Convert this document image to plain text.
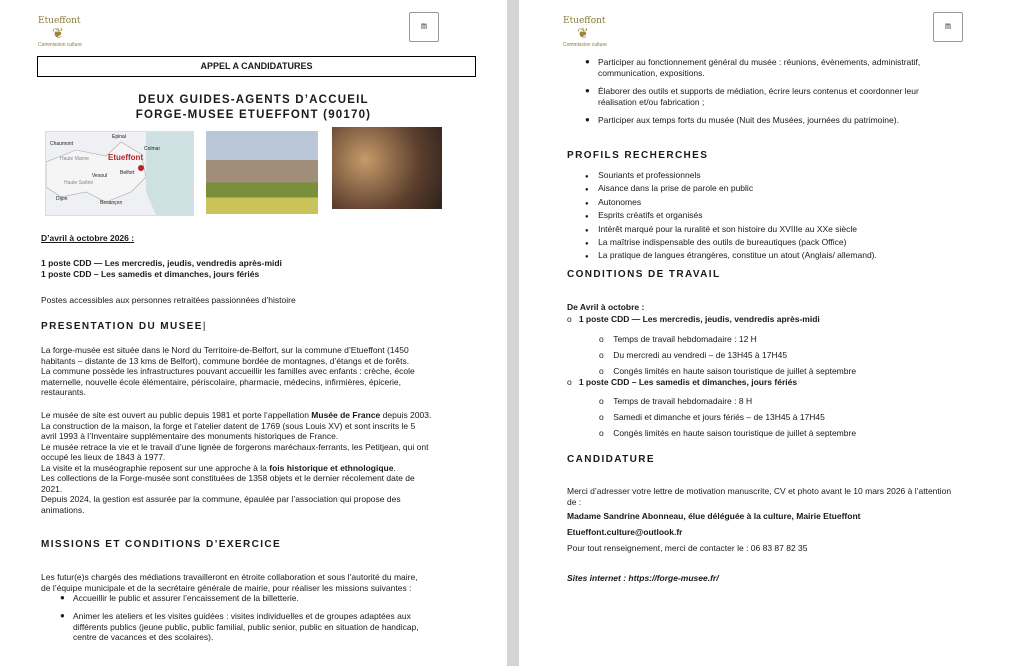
Etueffont
❦
Commission culture
m
APPEL A CANDIDATURES
DEUX GUIDES-AGENTS D’ACCUEIL
FORGE-MUSEE ETUEFFONT (90170)
Epinal
Chaumont
Colmar
Etueffont
Belfort
Vesoul
Dijon
Besançon
Haute Marne
Haute Saône
D’avril à octobre 2026 :
1 poste CDD — Les mercredis, jeudis, vendredis après-midi
1 poste CDD – Les samedis et dimanches, jours fériés
Postes accessibles aux personnes retraitées passionnées d’histoire
PRESENTATION DU MUSEE|
La forge-musée est située dans le Nord du Territoire-de-Belfort, sur la commune d’Etueffont (1450
habitants – distante de 13 kms de Belfort), commune bordée de montagnes, d’étangs et de forêts.
La commune possède les infrastructures pouvant accueillir les familles avec enfants : crèche, école
maternelle, nouvelle école élémentaire, périscolaire, pharmacie, médecins, infirmières, épicerie,
restaurants.
Le musée de site est ouvert au public depuis 1981 et porte l’appellation Musée de France depuis 2003.
La construction de la maison, la forge et l’atelier datent de 1769 (sous Louis XV) et sont inscrits le 5
avril 1993 à l’Inventaire supplémentaire des monuments historiques de France.
Le musée retrace la vie et le travail d’une lignée de forgerons maréchaux-ferrants, les Petitjean, qui ont
occupé les lieux de 1843 à 1977.
La visite et la muséographie reposent sur une approche à la fois historique et ethnologique.
Les collections de la Forge-musée sont constituées de 1358 objets et le dernier récolement date de
2021.
Depuis 2024, la gestion est assurée par la commune, épaulée par l’association qui propose des
animations.
MISSIONS ET CONDITIONS D’EXERCICE
Les futur(e)s chargés des médiations travailleront en étroite collaboration et sous l’autorité du maire,
de l’équipe municipale et de la secrétaire générale de mairie, pour réaliser les missions suivantes :
● Accueillir le public et assurer l’encaissement de la billetterie.
● Animer les ateliers et les visites guidées : visites individuelles et de groupes adaptées aux
différents publics (jeune public, public familial, public senior, public en situation de handicap,
centre de vacances et des scolaires).
Etueffont
❦
Commission culture
m
● Participer au fonctionnement général du musée : réunions, évènements, administratif,
communication, expositions.
● Élaborer des outils et supports de médiation, écrire leurs contenus et coordonner leur
réalisation et/ou fabrication ;
● Participer aux temps forts du musée (Nuit des Musées, journées du patrimoine).
PROFILS RECHERCHES
● Souriants et professionnels
● Aisance dans la prise de parole en public
● Autonomes
● Esprits créatifs et organisés
● Intérêt marqué pour la ruralité et son histoire du XVIIIe au XXe siècle
● La maîtrise indispensable des outils de bureautiques (pack Office)
● La pratique de langues étrangères, constitue un atout (Anglais/ allemand).
CONDITIONS DE TRAVAIL
De Avril à octobre :
o 1 poste CDD — Les mercredis, jeudis, vendredis après-midi
o    Temps de travail hebdomadaire : 12 H
o    Du mercredi au vendredi – de 13H45 à 17H45
o    Congés limités en haute saison touristique de juillet à septembre
o 1 poste CDD – Les samedis et dimanches, jours fériés
o    Temps de travail hebdomadaire : 8 H
o    Samedi et dimanche et jours fériés – de 13H45 à 17H45
o    Congés limités en haute saison touristique de juillet à septembre
CANDIDATURE
Merci d’adresser votre lettre de motivation manuscrite, CV et photo avant le 10 mars 2026 à l’attention
de :
Madame Sandrine Abonneau, élue déléguée à la culture, Mairie Etueffont
Etueffont.culture@outlook.fr
Pour tout renseignement, merci de contacter le : 06 83 87 82 35
Sites internet : https://forge-musee.fr/
